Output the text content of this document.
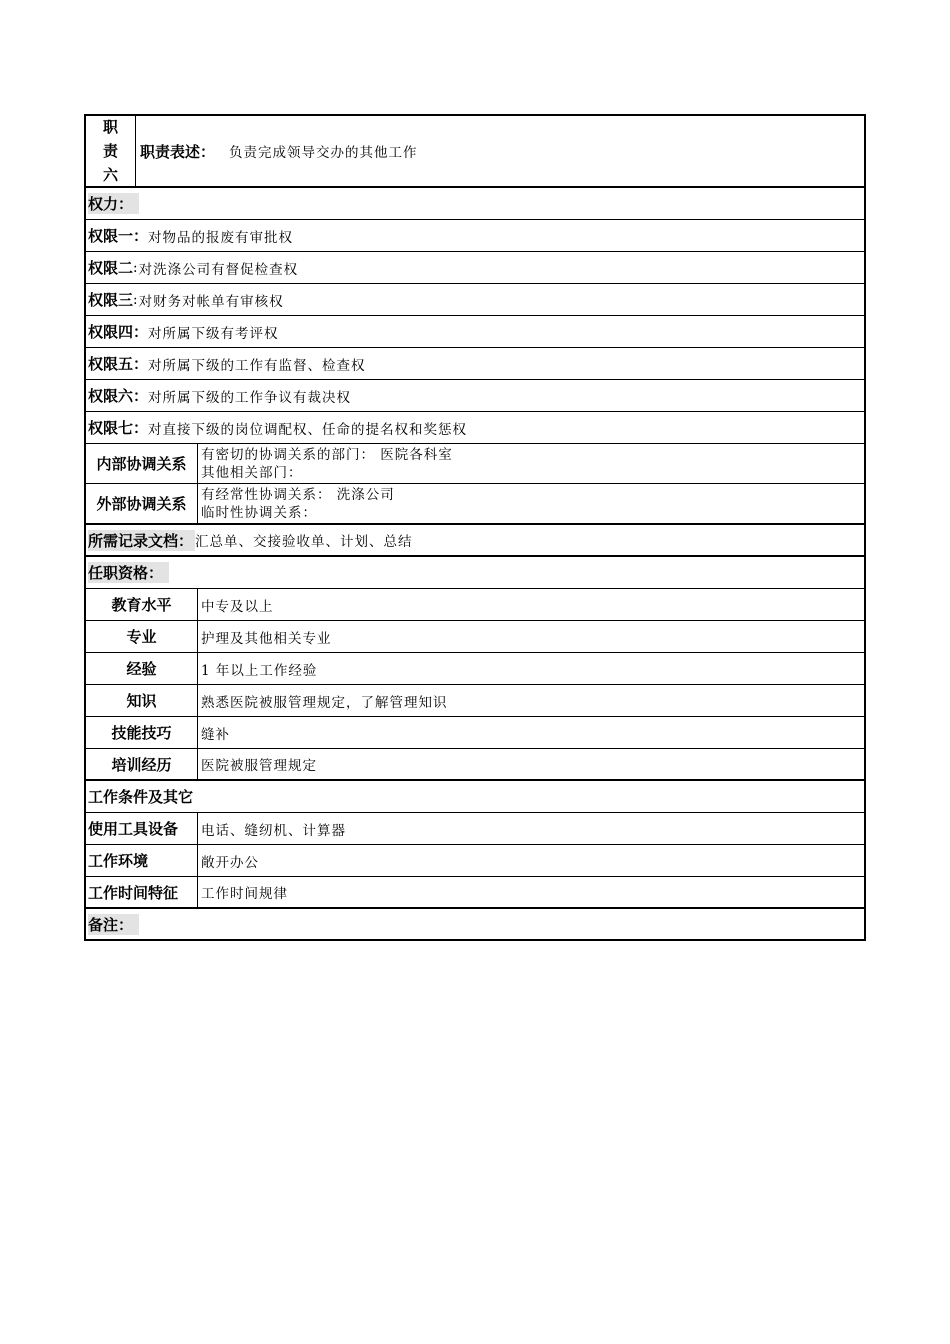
职
责
六
职责表述： 负责完成领导交办的其他工作
权力：
权限一 ： 对物品的报废有审批权
权限二 : 对洗涤公司有督促检查权
权限三 : 对财务对帐单有审核权
权限四 ： 对所属下级有考评权
权限五 ： 对所属下级的工作有监督、检查权
权限六 ： 对所属下级的工作争议有裁决权
权限七 ： 对直接下级的岗位调配权、任命的提名权和奖惩权
内部协调关系	有密切的协调关系的部门： 医院各科室
其他相关部门：
外部协调关系	有经常性协调关系： 洗涤公司
临时性协调关系：
所需记录文档： 汇总单、交接验收单、计划、总结
任职资格：
教育水平	中专及以上
专业	护理及其他相关专业
经验	1 年以上工作经验
知识	熟悉医院被服管理规定，了解管理知识
技能技巧	缝补
培训经历	医院被服管理规定
工作条件及其它
使用工具设备	电话、缝纫机、计算器
工作环境	敞开办公
工作时间特征	工作时间规律
备注：
